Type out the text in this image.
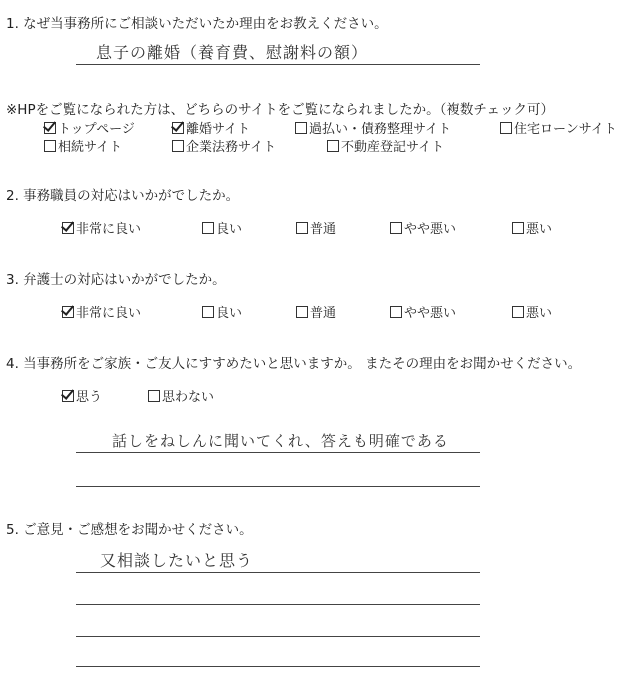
1. なぜ当事務所にご相談いただいたか理由をお教えください。
息子の離婚（養育費、慰謝料の額）
※HPをご覧になられた方は、どちらのサイトをご覧になられましたか。（複数チェック可）
トップページ	離婚サイト	過払い・債務整理サイト	住宅ローンサイト
相続サイト	企業法務サイト	不動産登記サイト
2. 事務職員の対応はいかがでしたか。
非常に良い	良い	普通	やや悪い	悪い
3. 弁護士の対応はいかがでしたか。
非常に良い	良い	普通	やや悪い	悪い
4. 当事務所をご家族・ご友人にすすめたいと思いますか。 またその理由をお聞かせください。
思う	思わない
話しをねしんに聞いてくれ、答えも明確である
5. ご意見・ご感想をお聞かせください。
又相談したいと思う
